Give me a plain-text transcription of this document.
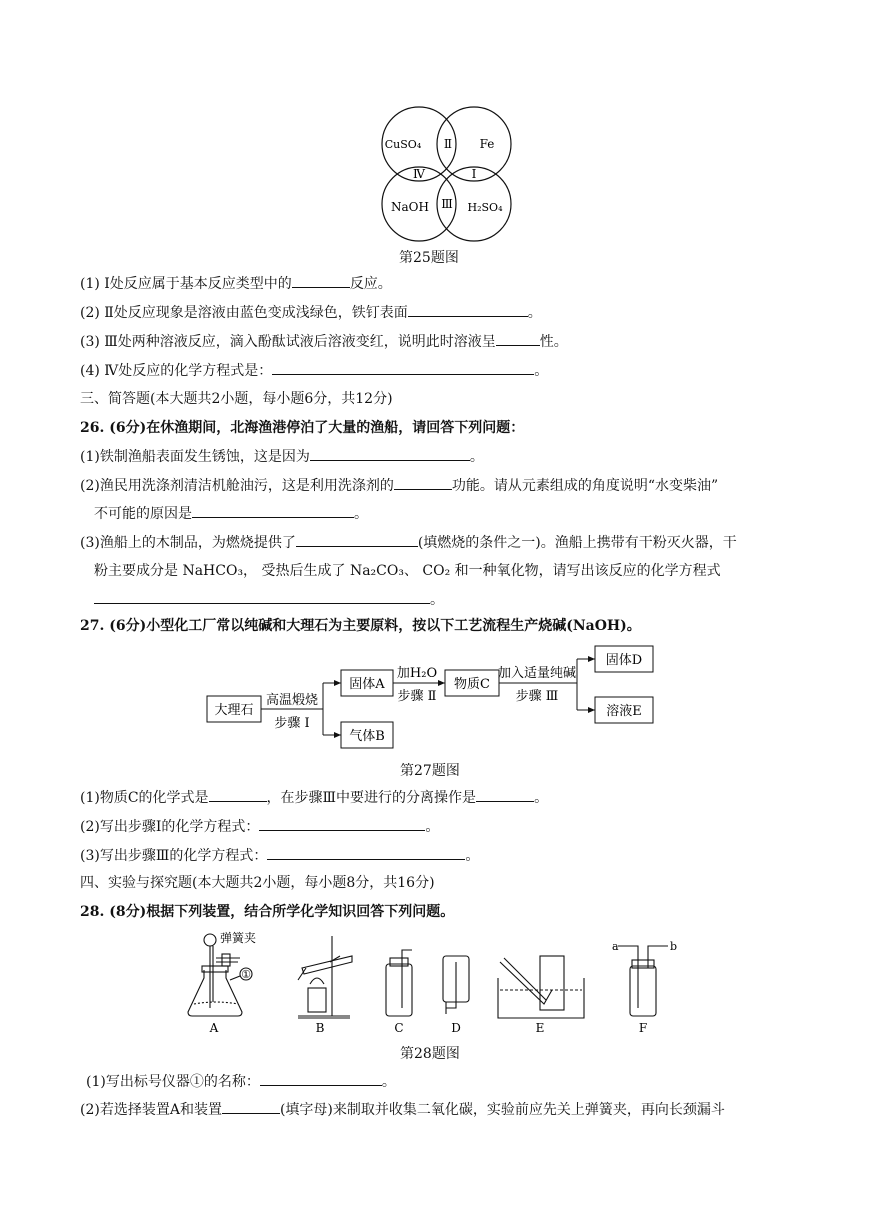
CuSO₄ Ⅱ Fe
Ⅳ	Ⅰ
NaOH Ⅲ H₂SO₄
第25题图
(1) Ⅰ处反应属于基本反应类型中的	反应。
(2) Ⅱ处反应现象是溶液由蓝色变成浅绿色，铁钉表面	。
(3) Ⅲ处两种溶液反应，滴入酚酞试液后溶液变红，说明此时溶液呈	性。
(4) Ⅳ处反应的化学方程式是：	。
三、简答题(本大题共2小题，每小题6分，共12分)
26. (6分)在休渔期间，北海渔港停泊了大量的渔船，请回答下列问题：
(1)铁制渔船表面发生锈蚀，这是因为	。
(2)渔民用洗涤剂清洁机舱油污，这是利用洗涤剂的	功能。请从元素组成的角度说明“水变柴油”
不可能的原因是	。
(3)渔船上的木制品，为燃烧提供了	(填燃烧的条件之一)。渔船上携带有干粉灭火器，干
粉主要成分是 NaHCO₃， 受热后生成了 Na₂CO₃、 CO₂ 和一种氧化物，请写出该反应的化学方程式
。
27. (6分)小型化工厂常以纯碱和大理石为主要原料，按以下工艺流程生产烧碱(NaOH)。
大理石
高温煅烧
步骤 Ⅰ
固体A
气体B
加H₂O
步骤 Ⅱ
物质C
加入适量纯碱
步骤 Ⅲ
固体D
溶液E
第27题图
(1)物质C的化学式是	，在步骤Ⅲ中要进行的分离操作是	。
(2)写出步骤Ⅰ的化学方程式：	。
(3)写出步骤Ⅲ的化学方程式：	。
四、实验与探究题(本大题共2小题，每小题8分，共16分)
28. (8分)根据下列装置，结合所学化学知识回答下列问题。
弹簧夹
①
a	b
A	B	C	D	E	F
第28题图
(1)写出标号仪器①的名称：	。
(2)若选择装置A和装置	(填字母)来制取并收集二氧化碳，实验前应先关上弹簧夹，再向长颈漏斗
